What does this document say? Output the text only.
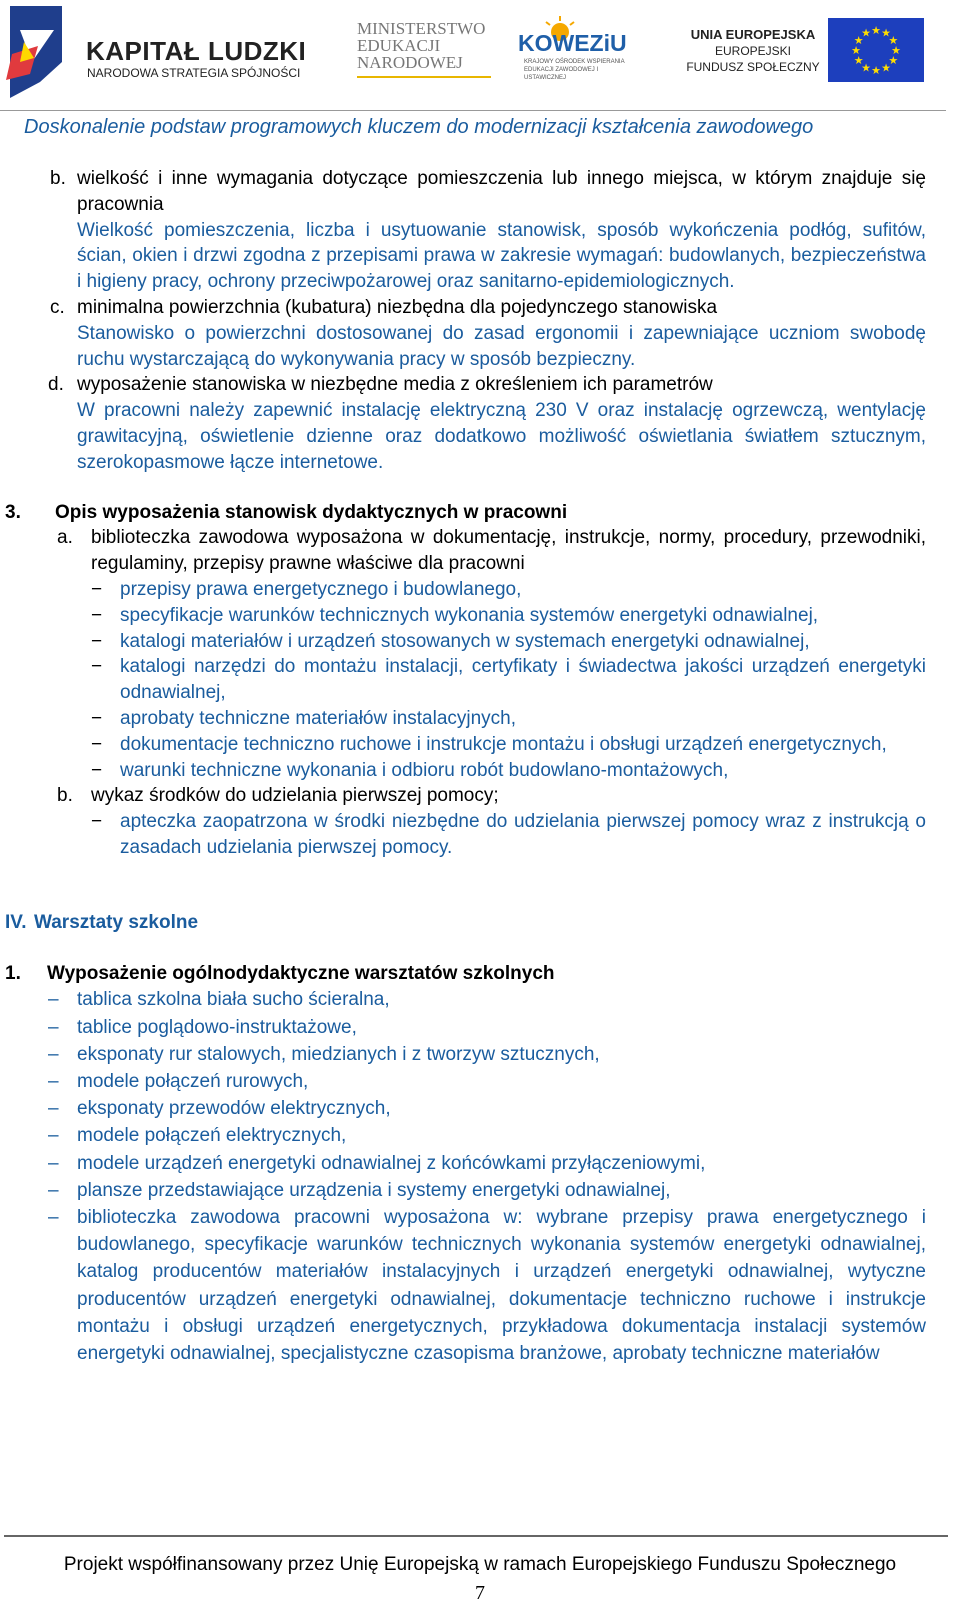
KAPITAŁ LUDZKI
NARODOWA STRATEGIA SPÓJNOŚCI
MINISTERSTWO
EDUKACJI
NARODOWEJ
KOWEZiU
KRAJOWY OŚRODEK WSPIERANIA
EDUKACJI ZAWODOWEJ I USTAWICZNEJ
UNIA EUROPEJSKA
EUROPEJSKI
FUNDUSZ SPOŁECZNY
★
★
★
★
★
★
★
★
★ ★ ★
★
Doskonalenie podstaw programowych kluczem do modernizacji kształcenia zawodowego
b. wielkość i inne wymagania dotyczące pomieszczenia lub innego miejsca, w którym znajduje się pracownia
Wielkość pomieszczenia, liczba i usytuowanie stanowisk, sposób wykończenia podłóg, sufitów, ścian, okien i drzwi zgodna z przepisami prawa w zakresie wymagań: budowlanych, bezpieczeństwa i higieny pracy, ochrony przeciwpożarowej oraz sanitarno-epidemiologicznych.
c. minimalna powierzchnia (kubatura) niezbędna dla pojedynczego stanowiska
Stanowisko o powierzchni dostosowanej do zasad ergonomii i zapewniające uczniom swobodę ruchu wystarczającą do wykonywania pracy w sposób bezpieczny.
d. wyposażenie stanowiska w niezbędne media z określeniem ich parametrów
W pracowni należy zapewnić instalację elektryczną 230 V oraz instalację ogrzewczą, wentylację grawitacyjną, oświetlenie dzienne oraz dodatkowo możliwość oświetlania światłem sztucznym, szerokopasmowe łącze internetowe.
3. Opis wyposażenia stanowisk dydaktycznych w pracowni
a. biblioteczka zawodowa wyposażona w dokumentację, instrukcje, normy, procedury, przewodniki, regulaminy, przepisy prawne właściwe dla pracowni
− przepisy prawa energetycznego i budowlanego,
− specyfikacje warunków technicznych wykonania systemów energetyki odnawialnej,
− katalogi materiałów i urządzeń stosowanych w systemach energetyki odnawialnej,
− katalogi narzędzi do montażu instalacji, certyfikaty i świadectwa jakości urządzeń energetyki odnawialnej,
− aprobaty techniczne materiałów instalacyjnych,
− dokumentacje techniczno ruchowe i instrukcje montażu i obsługi urządzeń energetycznych,
− warunki techniczne wykonania i odbioru robót budowlano-montażowych,
b. wykaz środków do udzielania pierwszej pomocy;
− apteczka zaopatrzona w środki niezbędne do udzielania pierwszej pomocy wraz z instrukcją o zasadach udzielania pierwszej pomocy.
IV. Warsztaty szkolne
1. Wyposażenie ogólnodydaktyczne warsztatów szkolnych
– tablica szkolna biała sucho ścieralna,
– tablice poglądowo-instruktażowe,
– eksponaty rur stalowych, miedzianych i z tworzyw sztucznych,
– modele połączeń rurowych,
– eksponaty przewodów elektrycznych,
– modele połączeń elektrycznych,
– modele urządzeń energetyki odnawialnej z końcówkami przyłączeniowymi,
– plansze przedstawiające urządzenia i systemy energetyki odnawialnej,
– biblioteczka zawodowa pracowni wyposażona w: wybrane przepisy prawa energetycznego i budowlanego, specyfikacje warunków technicznych wykonania systemów energetyki odnawialnej, katalog producentów materiałów instalacyjnych i urządzeń energetyki odnawialnej, wytyczne producentów urządzeń energetyki odnawialnej, dokumentacje techniczno ruchowe i instrukcje montażu i obsługi urządzeń energetycznych, przykładowa dokumentacja instalacji systemów energetyki odnawialnej, specjalistyczne czasopisma branżowe, aprobaty techniczne materiałów
Projekt współfinansowany przez Unię Europejską w ramach Europejskiego Funduszu Społecznego
7
